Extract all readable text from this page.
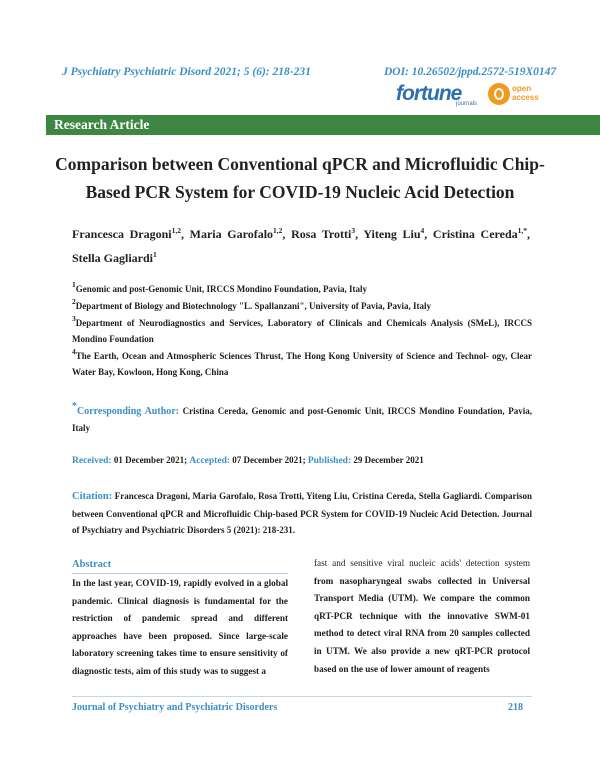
J Psychiatry Psychiatric Disord 2021; 5 (6): 218-231	DOI: 10.26502/jppd.2572-519X0147
fortune
journals
open
access
Research Article
Comparison between Conventional qPCR and Microfluidic Chip-Based PCR System for COVID-19 Nucleic Acid Detection
Francesca Dragoni$^{1,2}$, Maria Garofalo$^{1,2}$, Rosa Trotti$^3$, Yiteng Liu$^4$, Cristina Cereda$^{1,*}$, Stella Gagliardi$^1$
$^1$Genomic and post-Genomic Unit, IRCCS Mondino Foundation, Pavia, Italy
$^2$Department of Biology and Biotechnology "L. Spallanzani", University of Pavia, Pavia, Italy
$^3$Department of Neurodiagnostics and Services, Laboratory of Clinicals and Chemicals Analysis (SMeL), IRCCS Mondino Foundation
$^4$The Earth, Ocean and Atmospheric Sciences Thrust, The Hong Kong University of Science and Technol- ogy, Clear Water Bay, Kowloon, Hong Kong, China
*Corresponding Author: Cristina Cereda, Genomic and post-Genomic Unit, IRCCS Mondino Foundation, Pavia, Italy
Received: 01 December 2021; Accepted: 07 December 2021; Published: 29 December 2021
Citation: Francesca Dragoni, Maria Garofalo, Rosa Trotti, Yiteng Liu, Cristina Cereda, Stella Gagliardi. Comparison between Conventional qPCR and Microfluidic Chip-based PCR System for COVID-19 Nucleic Acid Detection. Journal of Psychiatry and Psychiatric Disorders 5 (2021): 218-231.
Abstract
In the last year, COVID-19, rapidly evolved in a global pandemic. Clinical diagnosis is fundamental for the restriction of pandemic spread and different approaches have been proposed. Since large-scale laboratory screening takes time to ensure sensitivity of diagnostic tests, aim of this study was to suggest a
fast and sensitive viral nucleic acids' detection system from nasopharyngeal swabs collected in Universal Transport Media (UTM). We compare the common qRT-PCR technique with the innovative SWM-01 method to detect viral RNA from 20 samples collected in UTM. We also provide a new qRT-PCR protocol based on the use of lower amount of reagents
Journal of Psychiatry and Psychiatric Disorders	218
